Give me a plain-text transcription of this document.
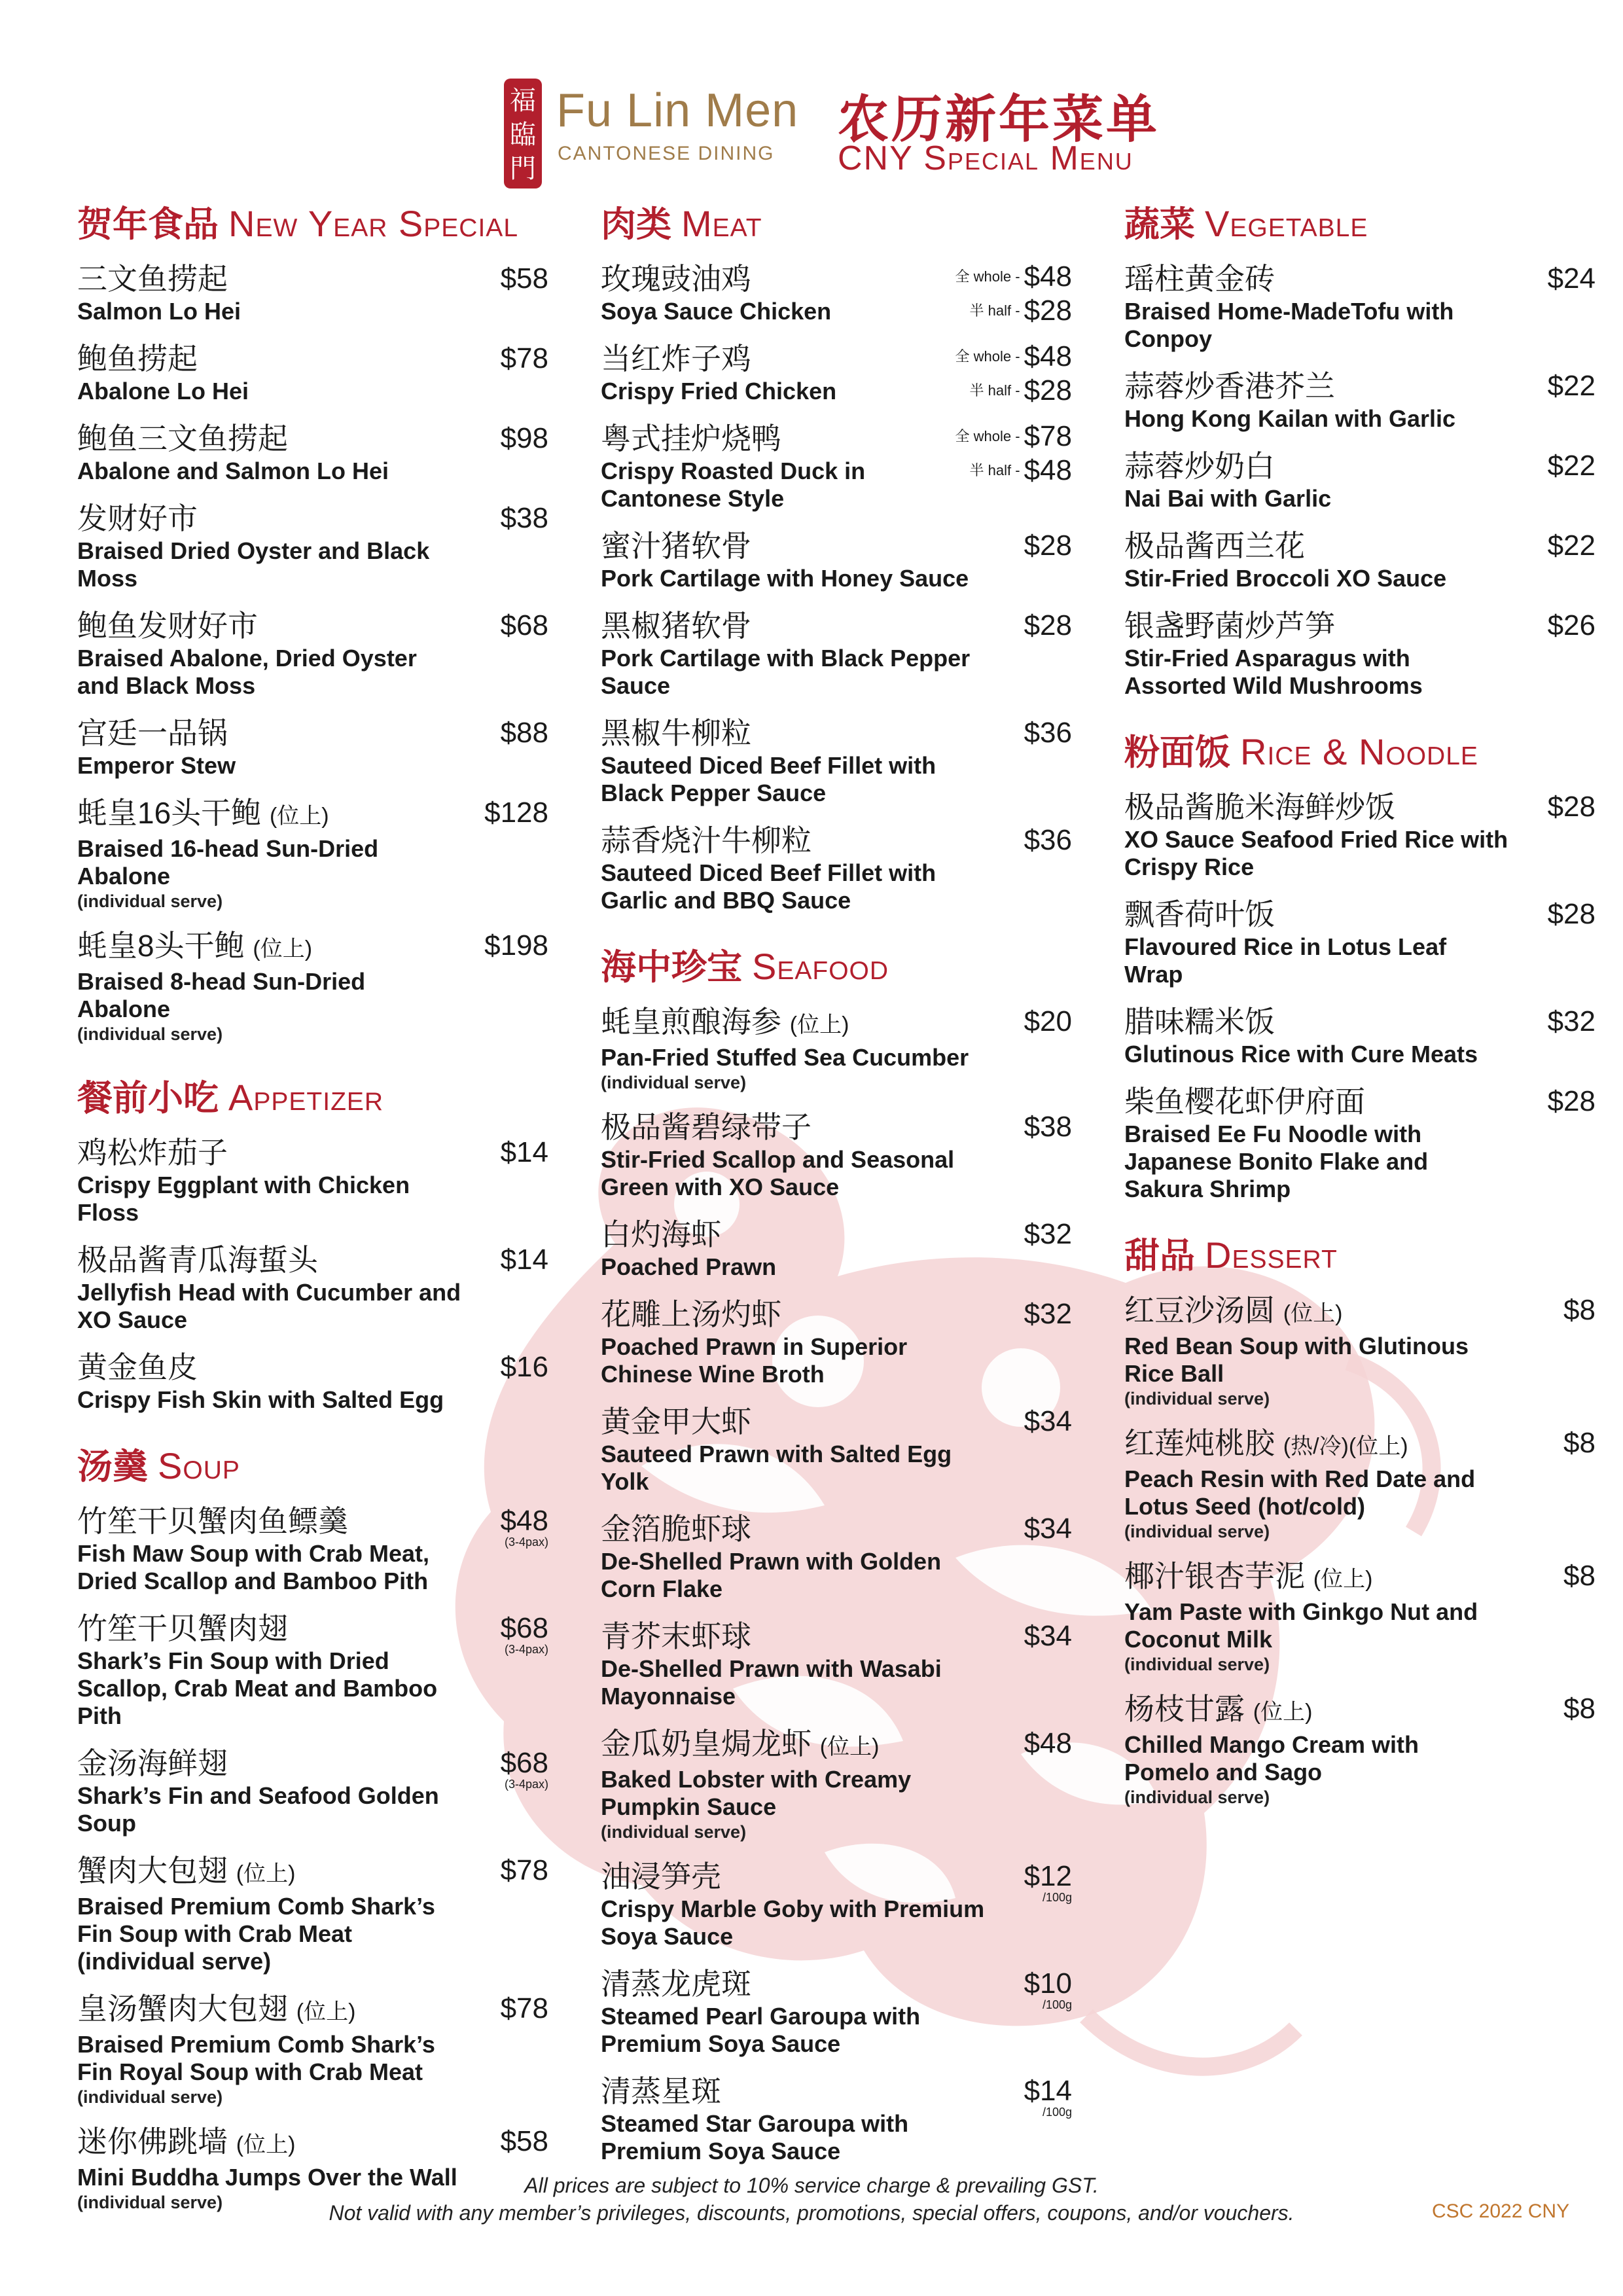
福臨門
Fu Lin Men
CANTONESE DINING
农历新年菜单
CNY Special Menu
贺年食品 New Year Special
三文鱼捞起
Salmon Lo Hei
$58
鲍鱼捞起
Abalone Lo Hei
$78
鲍鱼三文鱼捞起
Abalone and Salmon Lo Hei
$98
发财好市
Braised Dried Oyster and Black Moss
$38
鲍鱼发财好市
Braised Abalone, Dried Oyster and Black Moss
$68
宫廷一品锅
Emperor Stew
$88
蚝皇16头干鲍 (位上)
Braised 16-head Sun-Dried Abalone
(individual serve)
$128
蚝皇8头干鲍 (位上)
Braised 8-head Sun-Dried Abalone
(individual serve)
$198
餐前小吃 Appetizer
鸡松炸茄子
Crispy Eggplant with Chicken Floss
$14
极品酱青瓜海蜇头
Jellyfish Head with Cucumber and XO Sauce
$14
黄金鱼皮
Crispy Fish Skin with Salted Egg
$16
汤羹 Soup
竹笙干贝蟹肉鱼鳔羹
Fish Maw Soup with Crab Meat, Dried Scallop and Bamboo Pith
$48
(3-4pax)
竹笙干贝蟹肉翅
Shark’s Fin Soup with Dried Scallop, Crab Meat and Bamboo Pith
$68
(3-4pax)
金汤海鲜翅
Shark’s Fin and Seafood Golden Soup
$68
(3-4pax)
蟹肉大包翅 (位上)
Braised Premium Comb Shark’s Fin Soup with Crab Meat (individual serve)
$78
皇汤蟹肉大包翅 (位上)
Braised Premium Comb Shark’s Fin Royal Soup with Crab Meat
(individual serve)
$78
迷你佛跳墙 (位上)
Mini Buddha Jumps Over the Wall
(individual serve)
$58
肉类 Meat
玫瑰豉油鸡
Soya Sauce Chicken
全 whole - $48
半 half - $28
当红炸子鸡
Crispy Fried Chicken
全 whole - $48
半 half - $28
粤式挂炉烧鸭
Crispy Roasted Duck in Cantonese Style
全 whole - $78
半 half - $48
蜜汁猪软骨
Pork Cartilage with Honey Sauce
$28
黑椒猪软骨
Pork Cartilage with Black Pepper Sauce
$28
黑椒牛柳粒
Sauteed Diced Beef Fillet with Black Pepper Sauce
$36
蒜香烧汁牛柳粒
Sauteed Diced Beef Fillet with Garlic and BBQ Sauce
$36
海中珍宝 Seafood
蚝皇煎酿海参 (位上)
Pan-Fried Stuffed Sea Cucumber
(individual serve)
$20
极品酱碧绿带子
Stir-Fried Scallop and Seasonal Green with XO Sauce
$38
白灼海虾
Poached Prawn
$32
花雕上汤灼虾
Poached Prawn in Superior Chinese Wine Broth
$32
黄金甲大虾
Sauteed Prawn with Salted Egg Yolk
$34
金箔脆虾球
De-Shelled Prawn with Golden Corn Flake
$34
青芥末虾球
De-Shelled Prawn with Wasabi Mayonnaise
$34
金瓜奶皇焗龙虾 (位上)
Baked Lobster with Creamy Pumpkin Sauce
(individual serve)
$48
油浸笋壳
Crispy Marble Goby with Premium Soya Sauce
$12
/100g
清蒸龙虎斑
Steamed Pearl Garoupa with Premium Soya Sauce
$10
/100g
清蒸星斑
Steamed Star Garoupa with Premium Soya Sauce
$14
/100g
蔬菜 Vegetable
瑶柱黄金砖
Braised Home-MadeTofu with Conpoy
$24
蒜蓉炒香港芥兰
Hong Kong Kailan with Garlic
$22
蒜蓉炒奶白
Nai Bai with Garlic
$22
极品酱西兰花
Stir-Fried Broccoli XO Sauce
$22
银盏野菌炒芦笋
Stir-Fried Asparagus with Assorted Wild Mushrooms
$26
粉面饭 Rice & Noodle
极品酱脆米海鲜炒饭
XO Sauce Seafood Fried Rice with Crispy Rice
$28
飘香荷叶饭
Flavoured Rice in Lotus Leaf Wrap
$28
腊味糯米饭
Glutinous Rice with Cure Meats
$32
柴鱼樱花虾伊府面
Braised Ee Fu Noodle with Japanese Bonito Flake and Sakura Shrimp
$28
甜品 Dessert
红豆沙汤圆 (位上)
Red Bean Soup with Glutinous Rice Ball
(individual serve)
$8
红莲炖桃胶 (热/冷)(位上)
Peach Resin with Red Date and Lotus Seed (hot/cold)
(individual serve)
$8
椰汁银杏芋泥 (位上)
Yam Paste with Ginkgo Nut and Coconut Milk
(individual serve)
$8
杨枝甘露 (位上)
Chilled Mango Cream with Pomelo and Sago
(individual serve)
$8
All prices are subject to 10% service charge & prevailing GST.
Not valid with any member’s privileges, discounts, promotions, special offers, coupons, and/or vouchers.	CSC 2022 CNY
